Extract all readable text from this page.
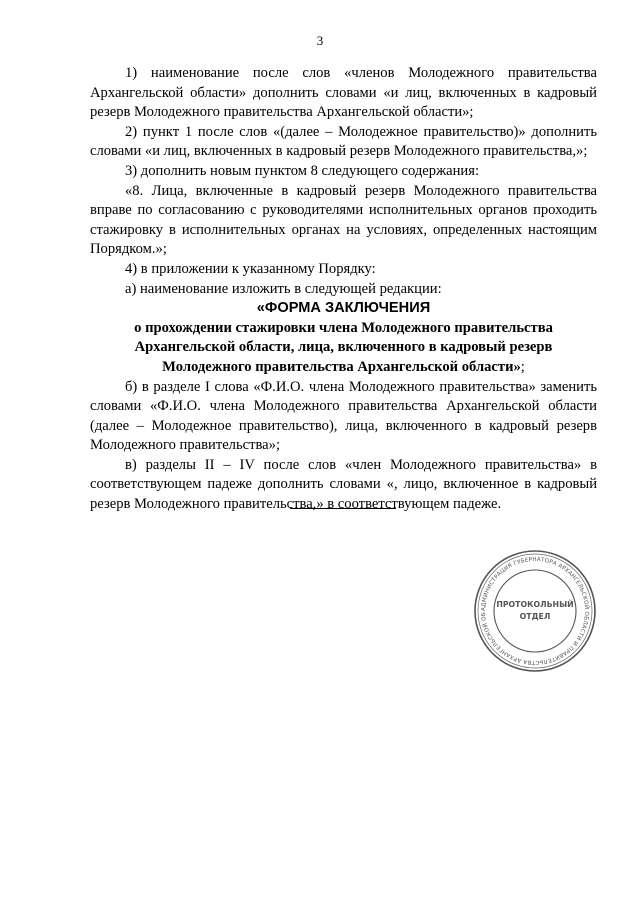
3

1) наименование после слов «членов Молодежного правительства Архангельской области» дополнить словами «и лиц, включенных в кадровый резерв Молодежного правительства Архангельской области»;

2) пункт 1 после слов «(далее – Молодежное правительство)» дополнить словами «и лиц, включенных в кадровый резерв Молодежного правительства,»;

3) дополнить новым пунктом 8 следующего содержания:

«8. Лица, включенные в кадровый резерв Молодежного правительства вправе по согласованию с руководителями исполнительных органов проходить стажировку в исполнительных органах на условиях, определенных настоящим Порядком.»;

4) в приложении к указанному Порядку:

а) наименование изложить в следующей редакции:

«ФОРМА ЗАКЛЮЧЕНИЯ
о прохождении стажировки члена Молодежного правительства Архангельской области, лица, включенного в кадровый резерв Молодежного правительства Архангельской области»;

б) в разделе I слова «Ф.И.О. члена Молодежного правительства» заменить словами «Ф.И.О. члена Молодежного правительства Архангельской области (далее – Молодежное правительство), лица, включенного в кадровый резерв Молодежного правительства»;

в) разделы II – IV после слов «член Молодежного правительства» в соответствующем падеже дополнить словами «, лицо, включенное в кадровый резерв Молодежного правительства,» в соответствующем падеже.

АДМИНИСТРАЦИЯ ГУБЕРНАТОРА АРХАНГЕЛЬСКОЙ ОБЛАСТИ И ПРАВИТЕЛЬСТВА АРХАНГЕЛЬСКОЙ ОБ
ПРОТОКОЛЬНЫЙ
ОТДЕЛ
